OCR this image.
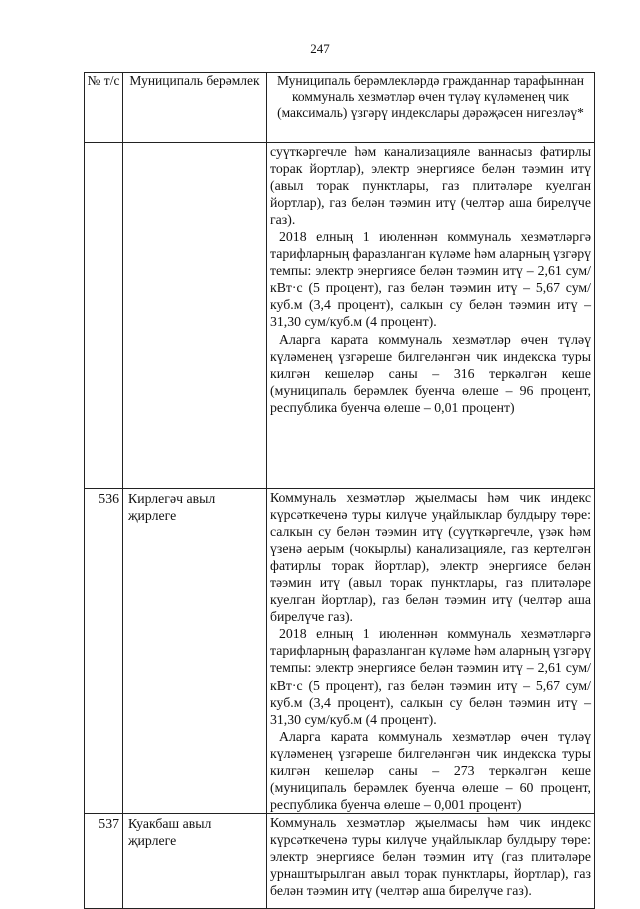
247
№ т/с	Муниципаль берәмлек	Муниципаль берәмлекләрдә гражданнар тарафыннан коммуналь хезмәтләр өчен түләү күләменең чик (максималь) үзгәрү индекслары дәрәҗәсен нигезләү*

		суүткәргечле һәм канализацияле ваннасыз фатирлы торак йортлар), электр энергиясе белән тәэмин итү (авыл торак пунктлары, газ плитәләре куелган йортлар), газ белән тәэмин итү (челтәр аша бирелүче газ).

2018 елның 1 июленнән коммуналь хезмәтләргә тарифларның фаразланган күләме һәм аларның үзгәрү темпы: электр энергиясе белән тәэмин итү – 2,61 сум/кВт·с (5 процент), газ белән тәэмин итү – 5,67 сум/куб.м (3,4 процент), салкын су белән тәэмин итү – 31,30 сум/куб.м (4 процент).

Аларга карата коммуналь хезмәтләр өчен түләү күләменең үзгәреше билгеләнгән чик индекска туры килгән кешеләр саны – 316 теркәлгән кеше (муниципаль берәмлек буенча өлеше – 96 процент, республика буенча өлеше – 0,01 процент)

536	Кирлегәч авыл җирлеге	Коммуналь хезмәтләр җыелмасы һәм чик индекс күрсәткеченә туры килүче уңайлыклар булдыру төре: салкын су белән тәэмин итү (суүткәргечле, үзәк һәм үзенә аерым (чокырлы) канализацияле, газ кертелгән фатирлы торак йортлар), электр энергиясе белән тәэмин итү (авыл торак пунктлары, газ плитәләре куелган йортлар), газ белән тәэмин итү (челтәр аша бирелүче газ).

2018 елның 1 июленнән коммуналь хезмәтләргә тарифларның фаразланган күләме һәм аларның үзгәрү темпы: электр энергиясе белән тәэмин итү – 2,61 сум/кВт·с (5 процент), газ белән тәэмин итү – 5,67 сум/куб.м (3,4 процент), салкын су белән тәэмин итү – 31,30 сум/куб.м (4 процент).

Аларга карата коммуналь хезмәтләр өчен түләү күләменең үзгәреше билгеләнгән чик индекска туры килгән кешеләр саны – 273 теркәлгән кеше (муниципаль берәмлек буенча өлеше – 60 процент, республика буенча өлеше – 0,001 процент)

537	Куакбаш авыл җирлеге	Коммуналь хезмәтләр җыелмасы һәм чик индекс күрсәткеченә туры килүче уңайлыклар булдыру төре: электр энергиясе белән тәэмин итү (газ плитәләре урнаштырылган авыл торак пунктлары, йортлар), газ белән тәэмин итү (челтәр аша бирелүче газ).
